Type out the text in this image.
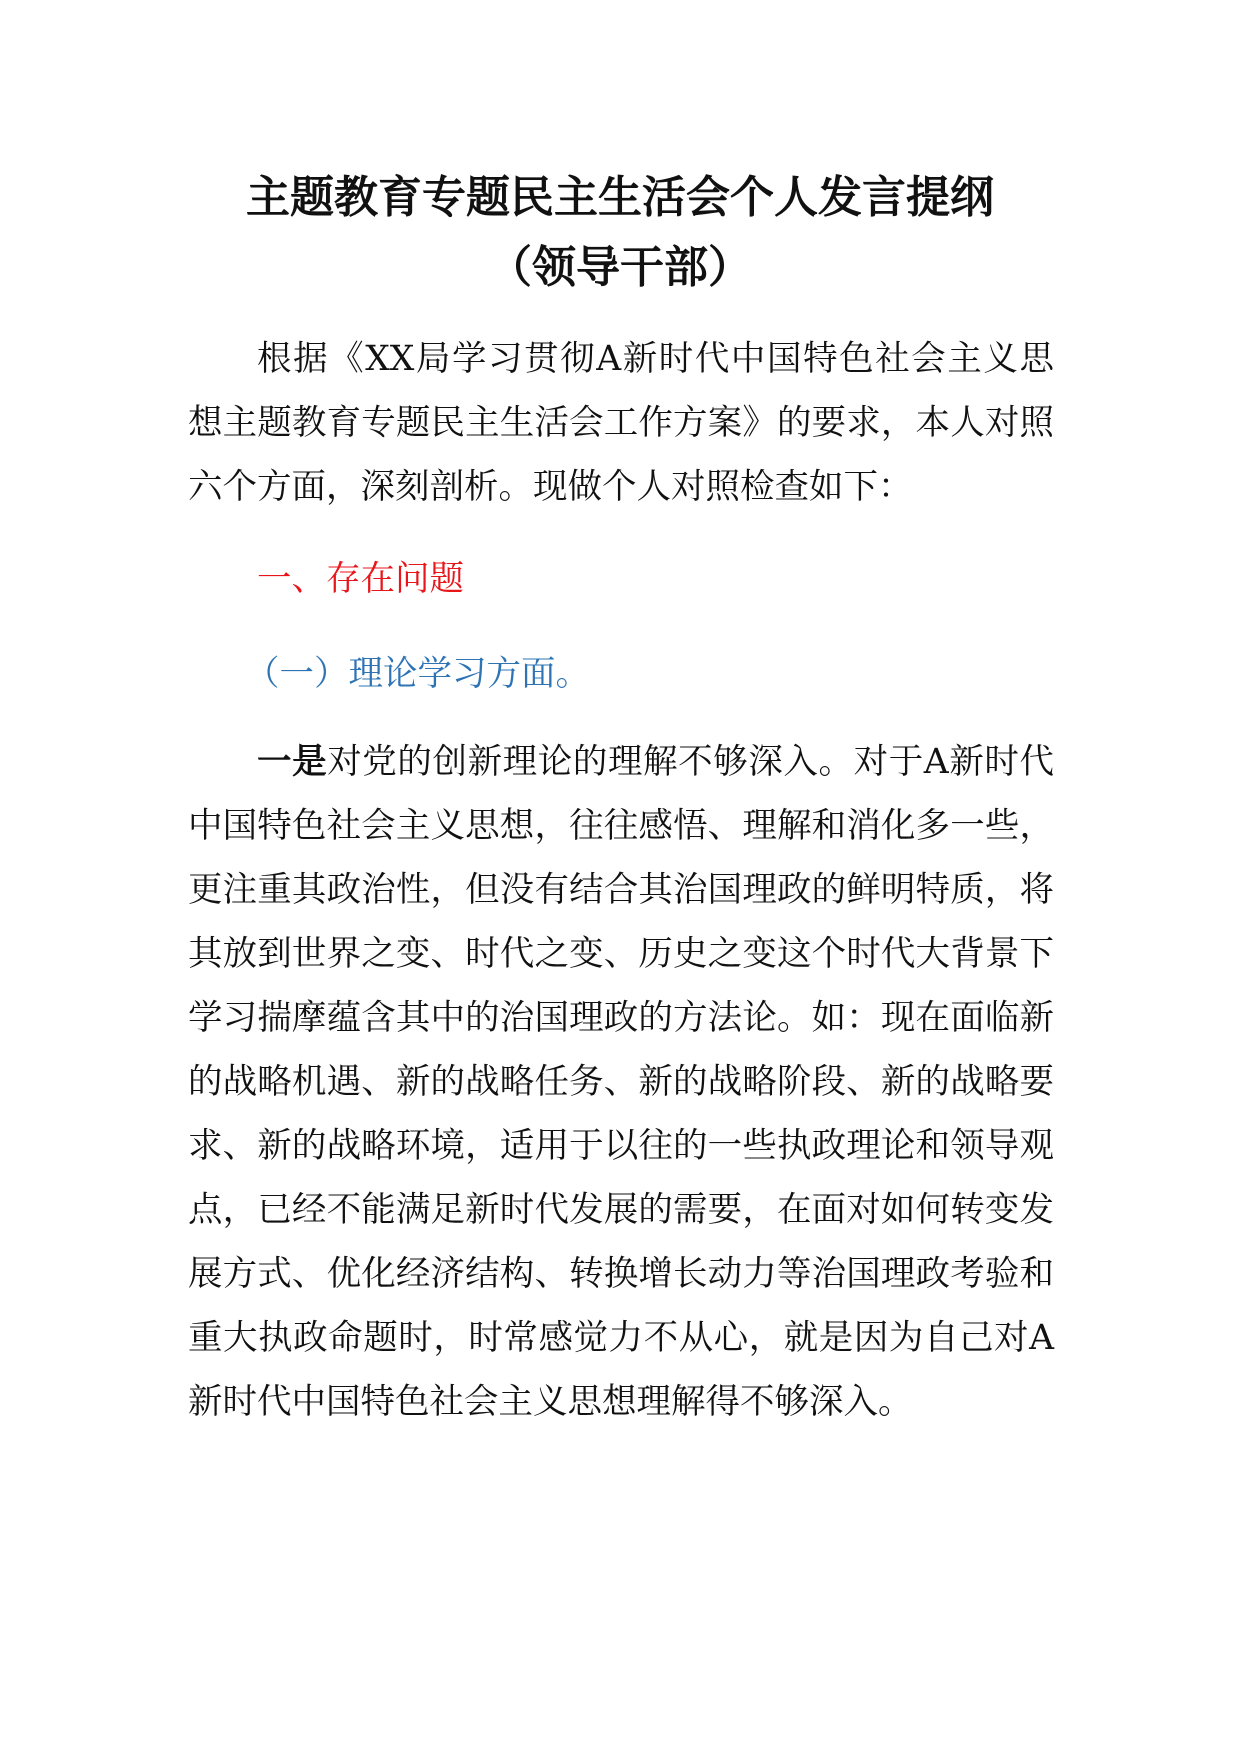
主题教育专题民主生活会个人发言提纲
（领导干部）
根据《XX局学习贯彻A新时代中国特色社会主义思想主题教育专题民主生活会工作方案》的要求，本人对照六个方面，深刻剖析。现做个人对照检查如下：
一、存在问题
（一）理论学习方面。
一是对党的创新理论的理解不够深入。对于A新时代中国特色社会主义思想，往往感悟、理解和消化多一些，更注重其政治性，但没有结合其治国理政的鲜明特质，将其放到世界之变、时代之变、历史之变这个时代大背景下学习揣摩蕴含其中的治国理政的方法论。如：现在面临新的战略机遇、新的战略任务、新的战略阶段、新的战略要求、新的战略环境，适用于以往的一些执政理论和领导观点，已经不能满足新时代发展的需要，在面对如何转变发展方式、优化经济结构、转换增长动力等治国理政考验和重大执政命题时，时常感觉力不从心，就是因为自己对A新时代中国特色社会主义思想理解得不够深入。
